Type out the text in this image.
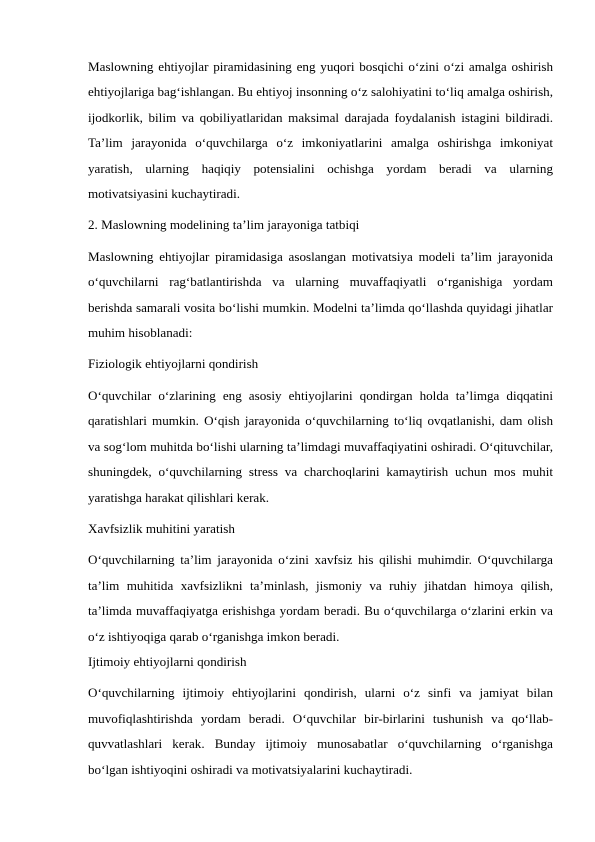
Maslowning ehtiyojlar piramidasining eng yuqori bosqichi o‘zini o‘zi amalga oshirish ehtiyojlariga bag‘ishlangan. Bu ehtiyoj insonning o‘z salohiyatini to‘liq amalga oshirish, ijodkorlik, bilim va qobiliyatlaridan maksimal darajada foydalanish istagini bildiradi. Ta’lim jarayonida o‘quvchilarga o‘z imkoniyatlarini amalga oshirishga imkoniyat yaratish, ularning haqiqiy potensialini ochishga yordam beradi va ularning motivatsiyasini kuchaytiradi.

2. Maslowning modelining ta’lim jarayoniga tatbiqi

Maslowning ehtiyojlar piramidasiga asoslangan motivatsiya modeli ta’lim jarayonida o‘quvchilarni rag‘batlantirishda va ularning muvaffaqiyatli o‘rganishiga yordam berishda samarali vosita bo‘lishi mumkin. Modelni ta’limda qo‘llashda quyidagi jihatlar muhim hisoblanadi:

Fiziologik ehtiyojlarni qondirish

O‘quvchilar o‘zlarining eng asosiy ehtiyojlarini qondirgan holda ta’limga diqqatini qaratishlari mumkin. O‘qish jarayonida o‘quvchilarning to‘liq ovqatlanishi, dam olish va sog‘lom muhitda bo‘lishi ularning ta’limdagi muvaffaqiyatini oshiradi. O‘qituvchilar, shuningdek, o‘quvchilarning stress va charchoqlarini kamaytirish uchun mos muhit yaratishga harakat qilishlari kerak.

Xavfsizlik muhitini yaratish

O‘quvchilarning ta’lim jarayonida o‘zini xavfsiz his qilishi muhimdir. O‘quvchilarga ta’lim muhitida xavfsizlikni ta’minlash, jismoniy va ruhiy jihatdan himoya qilish, ta’limda muvaffaqiyatga erishishga yordam beradi. Bu o‘quvchilarga o‘zlarini erkin va o‘z ishtiyoqiga qarab o‘rganishga imkon beradi.

Ijtimoiy ehtiyojlarni qondirish

O‘quvchilarning ijtimoiy ehtiyojlarini qondirish, ularni o‘z sinfi va jamiyat bilan muvofiqlashtirishda yordam beradi. O‘quvchilar bir-birlarini tushunish va qo‘llab-quvvatlashlari kerak. Bunday ijtimoiy munosabatlar o‘quvchilarning o‘rganishga bo‘lgan ishtiyoqini oshiradi va motivatsiyalarini kuchaytiradi.
